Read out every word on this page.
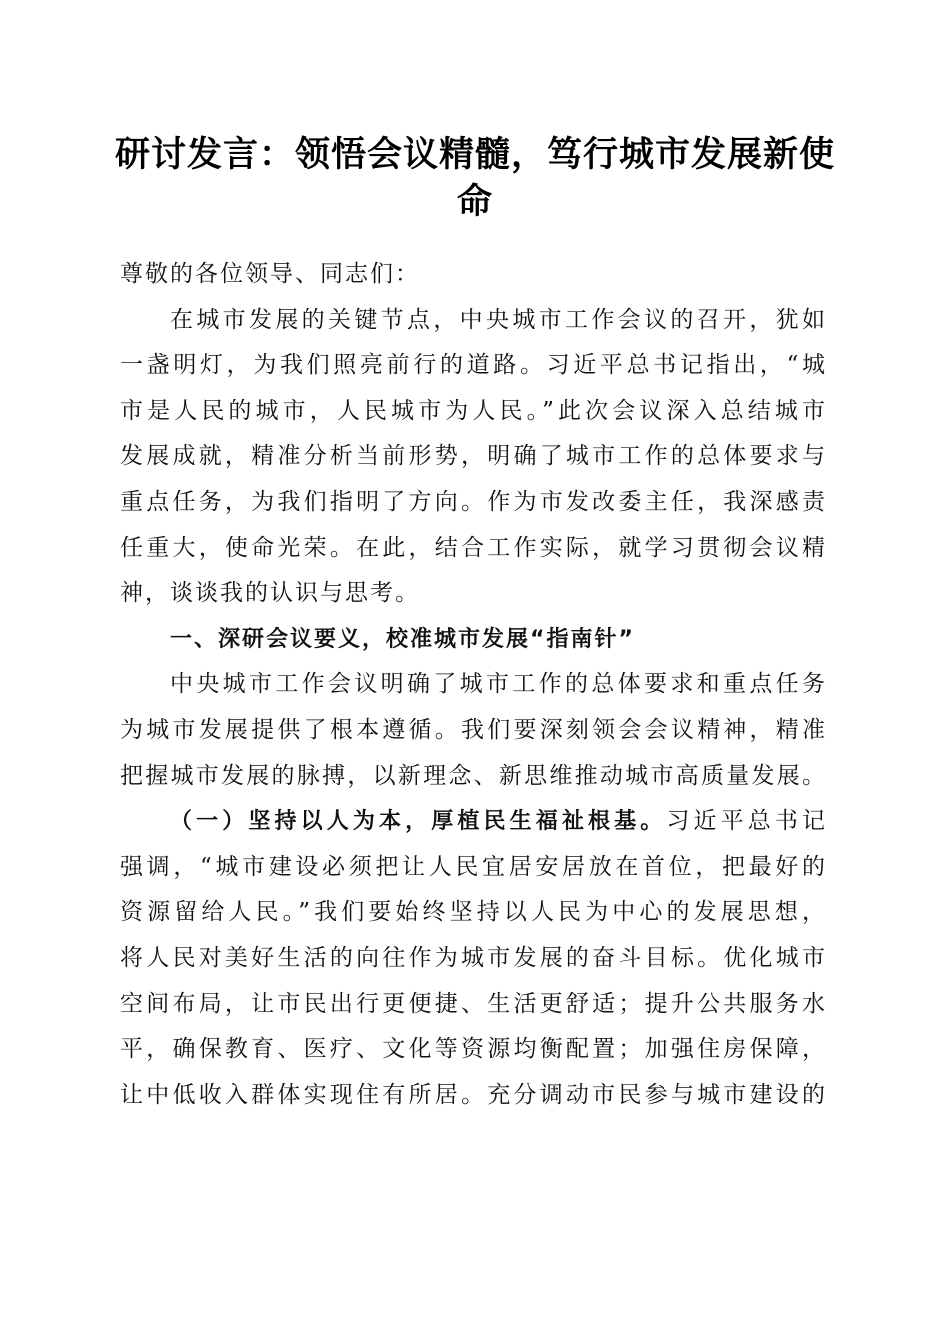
研讨发言：领悟会议精髓，笃行城市发展新使
命
尊敬的各位领导、同志们：
在城市发展的关键节点，中央城市工作会议的召开，犹如
一盏明灯，为我们照亮前行的道路。习近平总书记指出，“城
市是人民的城市，人民城市为人民。”此次会议深入总结城市
发展成就，精准分析当前形势，明确了城市工作的总体要求与
重点任务，为我们指明了方向。作为市发改委主任，我深感责
任重大，使命光荣。在此，结合工作实际，就学习贯彻会议精
神，谈谈我的认识与思考。
一、深研会议要义，校准城市发展“指南针”
中央城市工作会议明确了城市工作的总体要求和重点任务
为城市发展提供了根本遵循。我们要深刻领会会议精神，精准
把握城市发展的脉搏，以新理念、新思维推动城市高质量发展。
（一）坚持以人为本，厚植民生福祉根基。习近平总书记
强调，“城市建设必须把让人民宜居安居放在首位，把最好的
资源留给人民。”我们要始终坚持以人民为中心的发展思想，
将人民对美好生活的向往作为城市发展的奋斗目标。优化城市
空间布局，让市民出行更便捷、生活更舒适；提升公共服务水
平，确保教育、医疗、文化等资源均衡配置；加强住房保障，
让中低收入群体实现住有所居。充分调动市民参与城市建设的
